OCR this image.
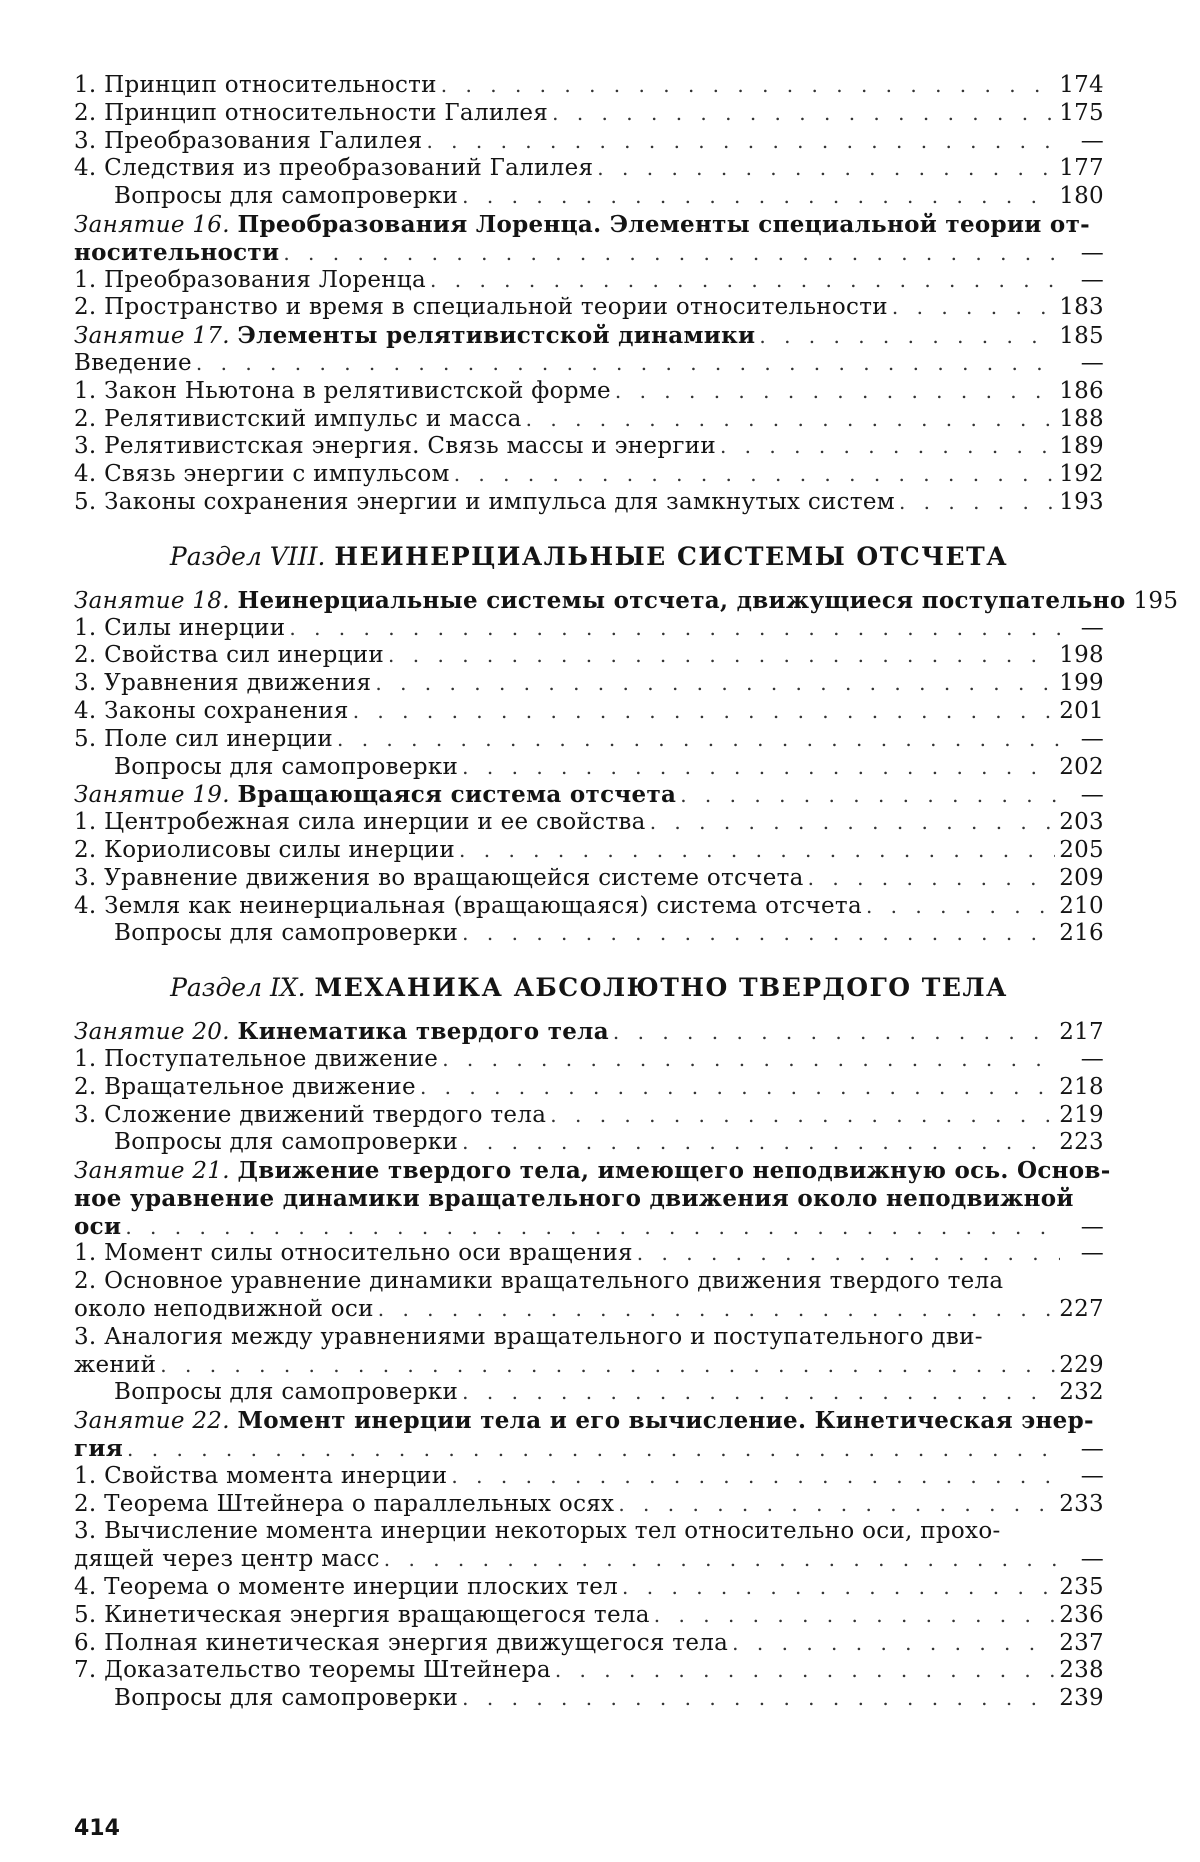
1. Принцип относительности . . .	174
2. Принцип относительности Галилея . . .	175
3. Преобразования Галилея . . .	—
4. Следствия из преобразований Галилея . . .	177
Вопросы для самопроверки . . .	180
Занятие 16. Преобразования Лоренца. Элементы специальной теории от-
носительности . . .	—
1. Преобразования Лоренца . . .	—
2. Пространство и время в специальной теории относительности . . .	183
Занятие 17. Элементы релятивистской динамики . . .	185
Введение . . .	—
1. Закон Ньютона в релятивистской форме . . .	186
2. Релятивистский импульс и масса . . .	188
3. Релятивистская энергия. Связь массы и энергии . . .	189
4. Связь энергии с импульсом . . .	192
5. Законы сохранения энергии и импульса для замкнутых систем . . .	193
Раздел VIII. НЕИНЕРЦИАЛЬНЫЕ СИСТЕМЫ ОТСЧЕТА
Занятие 18. Неинерциальные системы отсчета, движущиеся поступательно 195
1. Силы инерции . . .	—
2. Свойства сил инерции . . .	198
3. Уравнения движения . . .	199
4. Законы сохранения . . .	201
5. Поле сил инерции . . .	—
Вопросы для самопроверки . . .	202
Занятие 19. Вращающаяся система отсчета . . .	—
1. Центробежная сила инерции и ее свойства . . .	203
2. Кориолисовы силы инерции . . .	205
3. Уравнение движения во вращающейся системе отсчета . . .	209
4. Земля как неинерциальная (вращающаяся) система отсчета . . .	210
Вопросы для самопроверки . . .	216
Раздел IX. МЕХАНИКА АБСОЛЮТНО ТВЕРДОГО ТЕЛА
Занятие 20. Кинематика твердого тела . . .	217
1. Поступательное движение . . .	—
2. Вращательное движение . . .	218
3. Сложение движений твердого тела . . .	219
Вопросы для самопроверки . . .	223
Занятие 21. Движение твердого тела, имеющего неподвижную ось. Основ-
ное уравнение динамики вращательного движения около неподвижной
оси . . .	—
1. Момент силы относительно оси вращения . . .	—
2. Основное уравнение динамики вращательного движения твердого тела
около неподвижной оси . . .	227
3. Аналогия между уравнениями вращательного и поступательного дви-
жений . . .	229
Вопросы для самопроверки . . .	232
Занятие 22. Момент инерции тела и его вычисление. Кинетическая энер-
гия . . .	—
1. Свойства момента инерции . . .	—
2. Теорема Штейнера о параллельных осях . . .	233
3. Вычисление момента инерции некоторых тел относительно оси, прохо-
дящей через центр масс . . .	—
4. Теорема о моменте инерции плоских тел . . .	235
5. Кинетическая энергия вращающегося тела . . .	236
6. Полная кинетическая энергия движущегося тела . . .	237
7. Доказательство теоремы Штейнера . . .	238
Вопросы для самопроверки . . .	239
414
